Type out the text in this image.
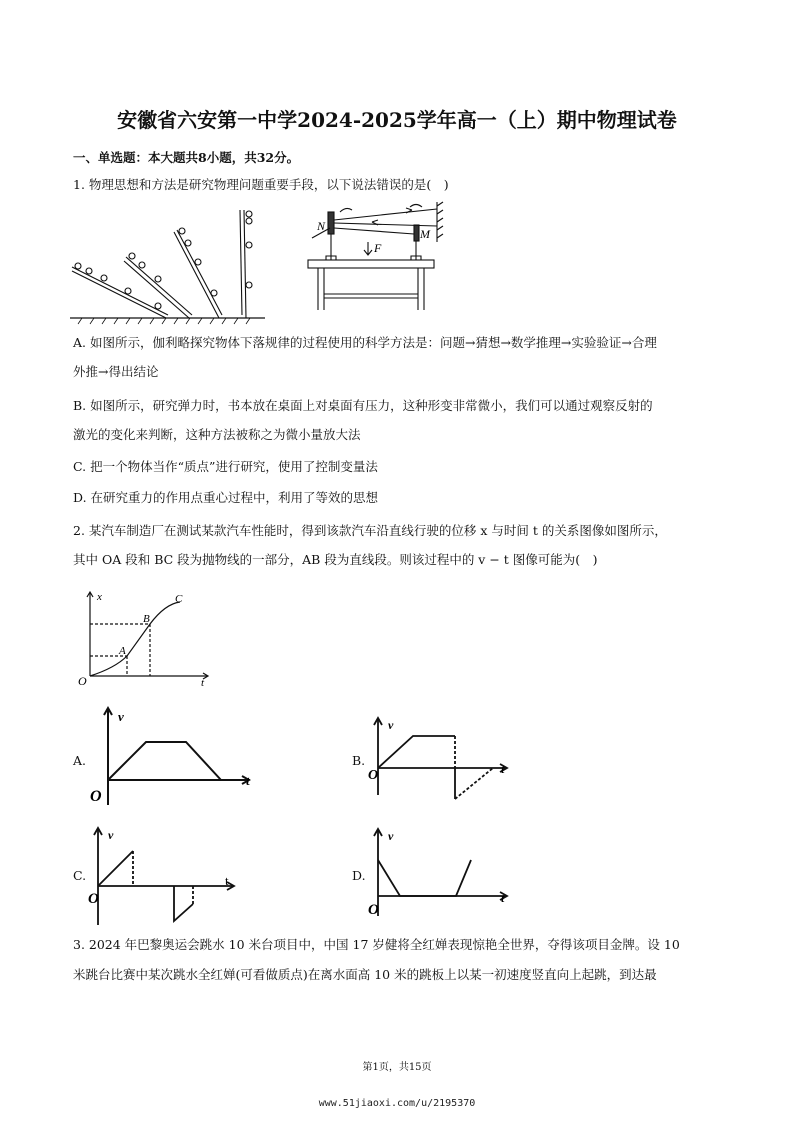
安徽省六安第一中学2024-2025学年高一（上）期中物理试卷
一、单选题：本大题共8小题，共32分。
1. 物理思想和方法是研究物理问题重要手段，以下说法错误的是(　)
N
M
F
A. 如图所示，伽利略探究物体下落规律的过程使用的科学方法是：问题→猜想→数学推理→实验验证→合理
外推→得出结论
B. 如图所示，研究弹力时，书本放在桌面上对桌面有压力，这种形变非常微小，我们可以通过观察反射的
激光的变化来判断，这种方法被称之为微小量放大法
C. 把一个物体当作“质点”进行研究，使用了控制变量法
D. 在研究重力的作用点重心过程中，利用了等效的思想
2. 某汽车制造厂在测试某款汽车性能时，得到该款汽车沿直线行驶的位移 x 与时间 t 的关系图像如图所示，
其中 OA 段和 BC 段为抛物线的一部分，AB 段为直线段。则该过程中的 v − t 图像可能为(　)
x
t
O
A
B
C
A.
v
t
O
B.
v
t
O
C.
v
t
O
D.
v
t
O
3. 2024 年巴黎奥运会跳水 10 米台项目中，中国 17 岁健将全红婵表现惊艳全世界，夺得该项目金牌。设 10
米跳台比赛中某次跳水全红婵(可看做质点)在离水面高 10 米的跳板上以某一初速度竖直向上起跳，到达最
第1页，共15页
www.51jiaoxi.com/u/2195370
